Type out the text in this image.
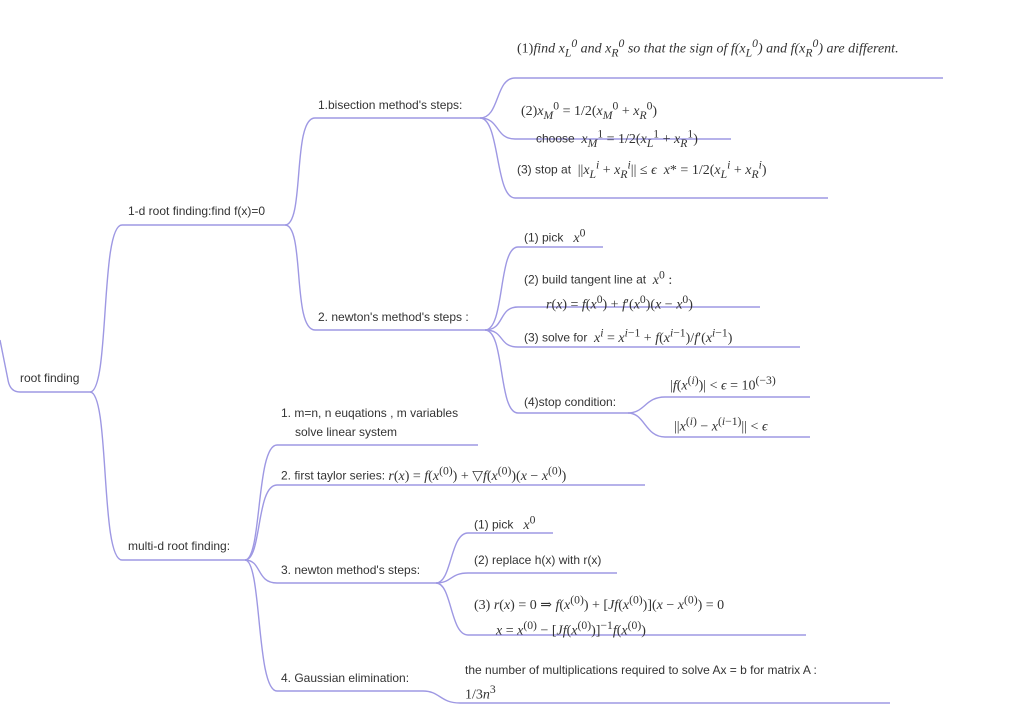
root finding
1-d root finding:find f(x)=0
1.bisection method's steps:
(1)find $x_L^0$ and $x_R^0$ so that the sign of $f(x_L^0)$ and $f(x_R^0)$ are different.
$(2)x_M^0 = 1/2(x_M^0 + x_R^0)$
choose $x_M^1 = 1/2(x_L^1 + x_R^1)$
(3) stop at $||x_L^i + x_R^i|| \le \epsilon$ $x* = 1/2(x_L^i + x_R^i)$
2. newton's method's steps :
(1) pick $x^0$
(2) build tangent line at $x^0$ :
$r(x) = f(x^0) + f'(x^0)(x - x^0)$
(3) solve for $x^i = x^{i-1} + f(x^{i-1})/f'(x^{i-1})$
(4)stop condition:
$|f(x^{(i)})| < \epsilon = 10^{(-3)}$
$||x^{(i)} - x^{(i-1)}|| < \epsilon$
multi-d root finding:
1. m=n, n euqations , m variables
solve linear system
2. first taylor series: $r(x) = f(x^{(0)})$ + $▽f(x^{(0)})(x - x^{(0)})$
3. newton method's steps:
(1) pick $x^0$
(2) replace h(x) with r(x)
(3) r(x) = 0 ⇒ $f(x^{(0)}) + [Jf(x^{(0)})](x - x^{(0)}) = 0$
$x = x^{(0)} - [Jf(x^{(0)})]^{-1}f(x^{(0)})$
4. Gaussian elimination:
the number of multiplications required to solve Ax = b for matrix A :
$1/3n^3$
